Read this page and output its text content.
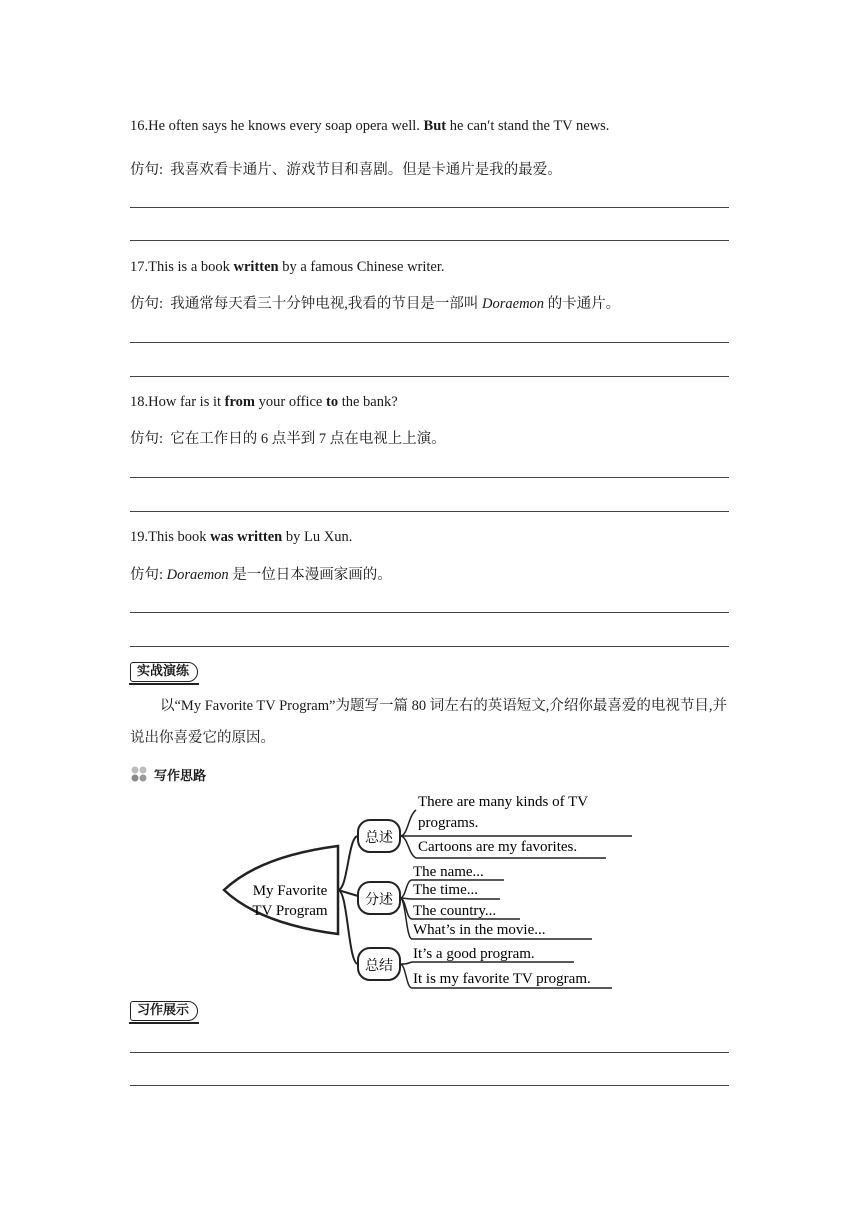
16.He often says he knows every soap opera well. But he can′t stand the TV news.
仿句: 我喜欢看卡通片、游戏节目和喜剧。但是卡通片是我的最爱。
17.This is a book written by a famous Chinese writer.
仿句: 我通常每天看三十分钟电视,我看的节目是一部叫 Doraemon 的卡通片。
18.How far is it from your office to the bank?
仿句: 它在工作日的 6 点半到 7 点在电视上上演。
19.This book was written by Lu Xun.
仿句: Doraemon 是一位日本漫画家画的。
实战演练
以“My Favorite TV Program”为题写一篇 80 词左右的英语短文,介绍你最喜爱的电视节目,并说出你喜爱它的原因。
写作思路
My Favorite
TV Program
总述
分述
总结
There are many kinds of TV
programs.
Cartoons are my favorites.
The name...
The time...
The country...
What’s in the movie...
It’s a good program.
It is my favorite TV program.
习作展示
